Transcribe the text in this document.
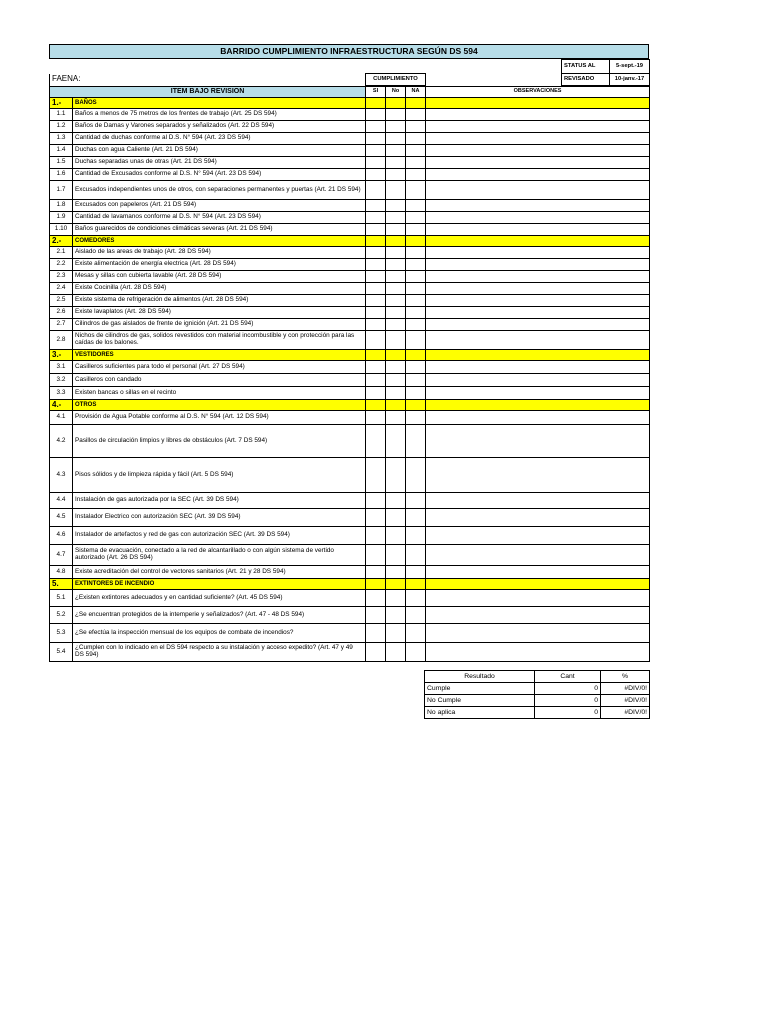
BARRIDO CUMPLIMIENTO INFRAESTRUCTURA SEGÚN DS 594
			STATUS AL	5-sept.-19
FAENA:	CUMPLIMIENTO		REVISADO	10-janv.-17
ITEM BAJO REVISION		SI	No	NA	OBSERVACIONES
1.-	BAÑOS				
1.1	Baños a menos de 75 metros de los frentes de trabajo (Art. 25 DS 594)				
1.2	Baños de Damas y Varones separados y señalizados (Art. 22 DS 594)				
1.3	Cantidad de duchas conforme al D.S. N° 594 (Art. 23 DS 594)				
1.4	Duchas con agua Caliente (Art. 21 DS 594)				
1.5	Duchas separadas unas de otras (Art. 21 DS 594)				
1.6	Cantidad de Excusados conforme al D.S. N° 594 (Art. 23 DS 594)				
1.7	Excusados independientes unos de otros, con separaciones permanentes y puertas (Art. 21 DS 594)				
1.8	Excusados con papeleros (Art. 21 DS 594)				
1.9	Cantidad de lavamanos conforme al D.S. N° 594 (Art. 23 DS 594)				
1.10	Baños guarecidos de condiciones climáticas severas (Art. 21 DS 594)				
2.-	COMEDORES				
2.1	Aislado de las areas de trabajo (Art. 28 DS 594)				
2.2	Existe alimentación de energía electrica (Art. 28 DS 594)				
2.3	Mesas y sillas con cubierta lavable (Art. 28 DS 594)				
2.4	Existe Cocinilla (Art. 28 DS 594)				
2.5	Existe sistema de refrigeración de alimentos (Art. 28 DS 594)				
2.6	Existe lavaplatos (Art. 28 DS 594)				
2.7	Cilindros de gas aislados de frente de ignición (Art. 21 DS 594)				
2.8	Nichos de cilindros de gas, solidos revestidos con material incombustible y con protección para las caídas de los balones.				
3.-	VESTIDORES				
3.1	Casilleros suficientes para todo el personal (Art. 27 DS 594)				
3.2	Casilleros con candado				
3.3	Existen bancas o sillas en el recinto				
4.-	OTROS				
4.1	Provisión de Agua Potable conforme al D.S. N° 594 (Art. 12 DS 594)				
4.2	Pasillos de circulación limpios y libres de obstáculos (Art. 7 DS 594)				
4.3	Pisos sólidos y de limpieza rápida y fácil (Art. 5 DS 594)				
4.4	Instalación de gas autorizada por la SEC (Art. 39 DS 594)				
4.5	Instalador Electrico con autorización SEC (Art. 39 DS 594)				
4.6	Instalador de artefactos y red de gas con autorización SEC (Art. 39 DS 594)				
4.7	Sistema de evacuación, conectado a la red de alcantarillado o con algún sistema de vertido autorizado (Art. 26 DS 594)				
4.8	Existe acreditación del control de vectores sanitarios (Art. 21 y 28 DS 594)				
5.	EXTINTORES DE INCENDIO				
5.1	¿Existen extintores adecuados y en cantidad suficiente? (Art. 45 DS 594)				
5.2	¿Se encuentran protegidos de la intemperie y señalizados? (Art. 47 - 48 DS 594)				
5.3	¿Se efectúa la inspección mensual de los equipos de combate de incendios?				
5.4	¿Cumplen con lo indicado en el DS 594 respecto a su instalación y acceso expedito? (Art. 47 y 49 DS 594)				
Resultado	Cant	%
Cumple	0	#DIV/0!
No Cumple	0	#DIV/0!
No aplica	0	#DIV/0!
